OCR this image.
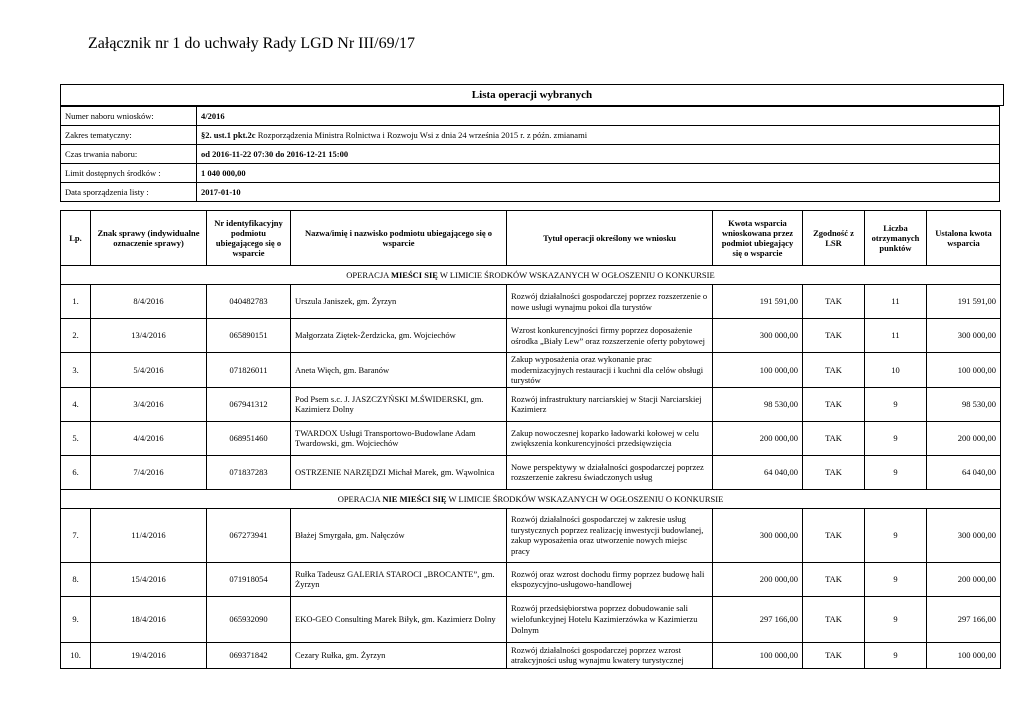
Załącznik nr 1 do uchwały Rady LGD Nr III/69/17
Lista operacji wybranych
Numer naboru wniosków:	4/2016
Zakres tematyczny:	§2. ust.1 pkt.2c Rozporządzenia Ministra Rolnictwa i Rozwoju Wsi z dnia 24 września 2015 r. z późn. zmianami
Czas trwania naboru:	od 2016-11-22 07:30 do 2016-12-21 15:00
Limit dostępnych środków :	1 040 000,00
Data sporządzenia listy :	2017-01-10
Lp.	Znak sprawy (indywidualne oznaczenie sprawy)	Nr identyfikacyjny podmiotu ubiegającego się o wsparcie	Nazwa/imię i nazwisko podmiotu ubiegającego się o wsparcie	Tytuł operacji określony we wniosku	Kwota wsparcia wnioskowana przez podmiot ubiegający się o wsparcie	Zgodność z LSR	Liczba otrzymanych punktów	Ustalona kwota wsparcia
OPERACJA MIEŚCI SIĘ W LIMICIE ŚRODKÓW WSKAZANYCH W OGŁOSZENIU O KONKURSIE								
1.	8/4/2016	040482783	Urszula Janiszek, gm. Żyrzyn	Rozwój działalności gospodarczej poprzez rozszerzenie o nowe usługi wynajmu pokoi dla turystów	191 591,00	TAK	11	191 591,00
2.	13/4/2016	065890151	Małgorzata Ziętek-Żerdzicka, gm. Wojciechów	Wzrost konkurencyjności firmy poprzez doposażenie ośrodka „Biały Lew” oraz rozszerzenie oferty pobytowej	300 000,00	TAK	11	300 000,00
3.	5/4/2016	071826011	Aneta Więch, gm. Baranów	Zakup wyposażenia oraz wykonanie prac modernizacyjnych restauracji i kuchni dla celów obsługi turystów	100 000,00	TAK	10	100 000,00
4.	3/4/2016	067941312	Pod Psem s.c. J. JASZCZYŃSKI M.ŚWIDERSKI, gm. Kazimierz Dolny	Rozwój infrastruktury narciarskiej w Stacji Narciarskiej Kazimierz	98 530,00	TAK	9	98 530,00
5.	4/4/2016	068951460	TWARDOX Usługi Transportowo-Budowlane Adam Twardowski, gm. Wojciechów	Zakup nowoczesnej koparko ładowarki kołowej w celu zwiększenia konkurencyjności przedsięwzięcia	200 000,00	TAK	9	200 000,00
6.	7/4/2016	071837283	OSTRZENIE NARZĘDZI Michał Marek, gm. Wąwolnica	Nowe perspektywy w działalności gospodarczej poprzez rozszerzenie zakresu świadczonych usług	64 040,00	TAK	9	64 040,00
OPERACJA NIE MIEŚCI SIĘ W LIMICIE ŚRODKÓW WSKAZANYCH W OGŁOSZENIU O KONKURSIE								
7.	11/4/2016	067273941	Błażej Smyrgała, gm. Nałęczów	Rozwój działalności gospodarczej w zakresie usług turystycznych poprzez realizację inwestycji budowlanej, zakup wyposażenia oraz utworzenie nowych miejsc pracy	300 000,00	TAK	9	300 000,00
8.	15/4/2016	071918054	Rułka Tadeusz GALERIA STAROCI „BROCANTE”, gm. Żyrzyn	Rozwój oraz wzrost dochodu firmy poprzez budowę hali ekspozycyjno-usługowo-handlowej	200 000,00	TAK	9	200 000,00
9.	18/4/2016	065932090	EKO-GEO Consulting Marek Biłyk, gm. Kazimierz Dolny	Rozwój przedsiębiorstwa poprzez dobudowanie sali wielofunkcyjnej Hotelu Kazimierzówka w Kazimierzu Dolnym	297 166,00	TAK	9	297 166,00
10.	19/4/2016	069371842	Cezary Rułka, gm. Żyrzyn	Rozwój działalności gospodarczej poprzez wzrost atrakcyjności usług wynajmu kwatery turystycznej	100 000,00	TAK	9	100 000,00
